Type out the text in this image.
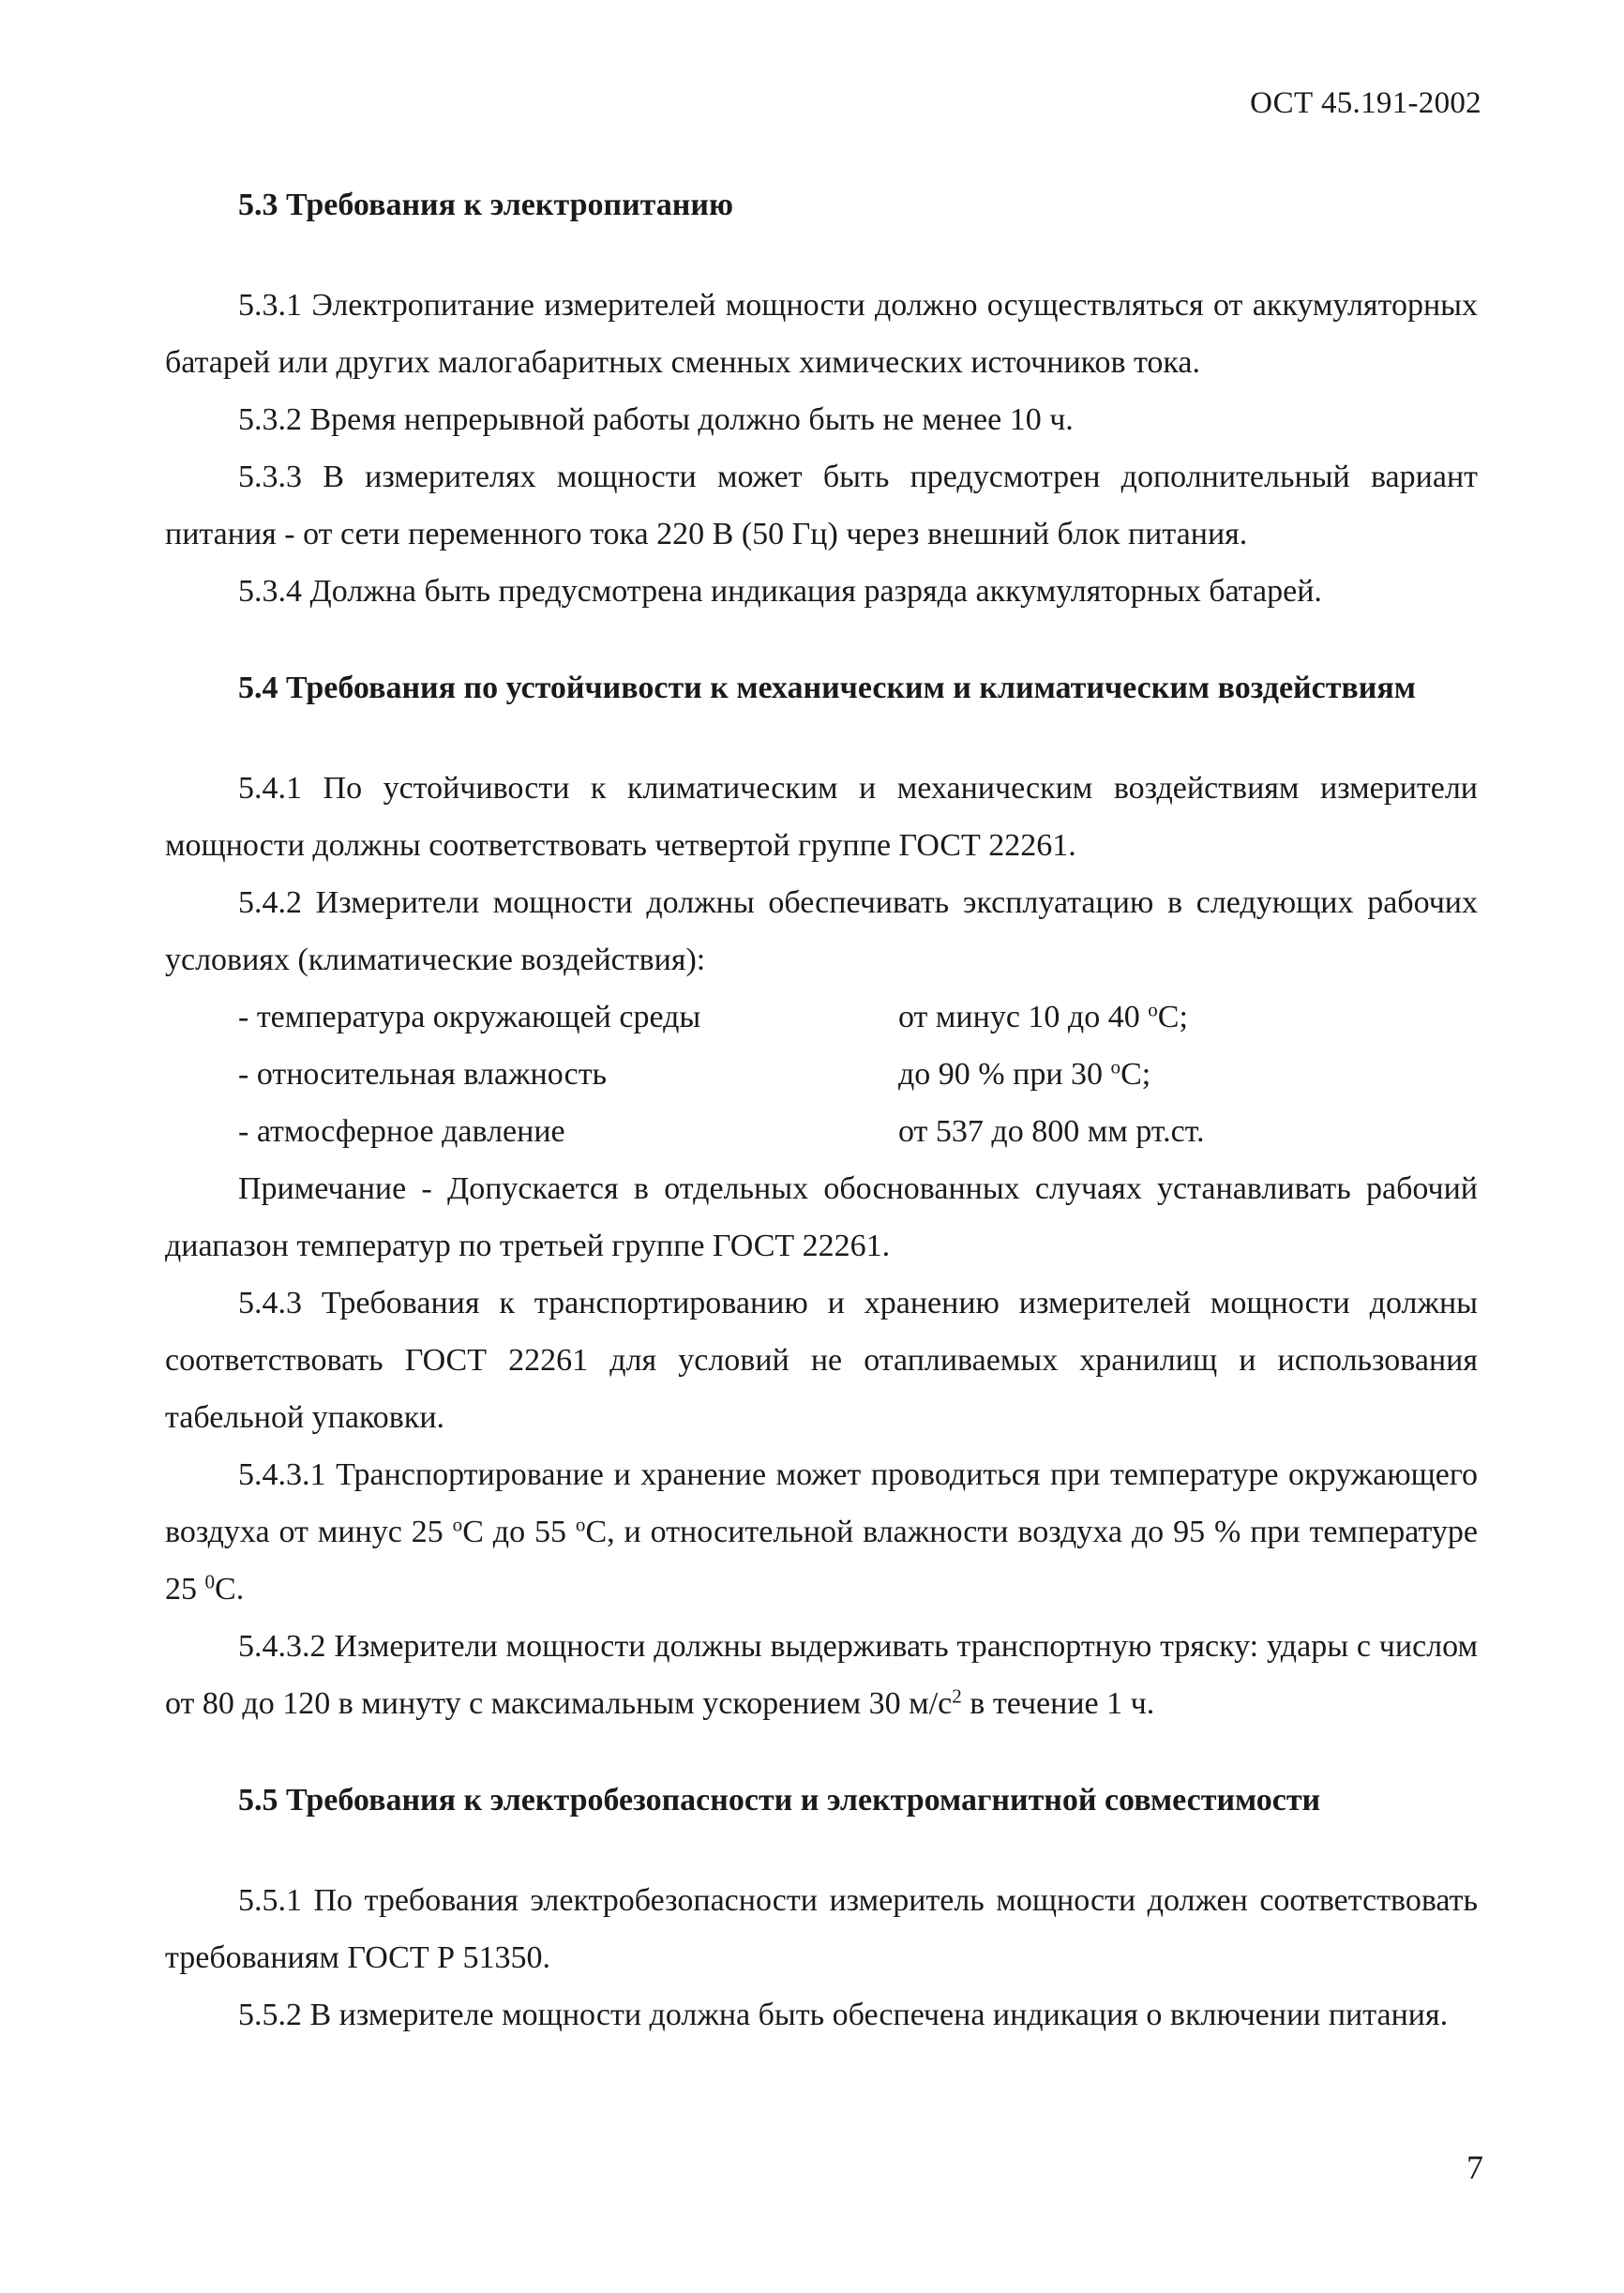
ОСТ 45.191-2002
5.3 Требования к электропитанию

5.3.1 Электропитание измерителей мощности должно осуществляться от аккумуляторных батарей или других малогабаритных сменных химических источников тока.

5.3.2 Время непрерывной работы должно быть не менее 10 ч.

5.3.3 В измерителях мощности может быть предусмотрен дополнительный вариант питания - от сети переменного тока 220 В (50 Гц) через внешний блок питания.

5.3.4 Должна быть предусмотрена индикация разряда аккумуляторных батарей.

5.4 Требования по устойчивости к механическим и климатическим воздействиям

5.4.1 По устойчивости к климатическим и механическим воздействиям измерители мощности должны соответствовать четвертой группе ГОСТ 22261.

5.4.2 Измерители мощности должны обеспечивать эксплуатацию в следующих рабочих условиях (климатические воздействия):

- температура окружающей среды	от минус 10 до 40 $^o$С;
- относительная влажность	до 90 % при 30 $^o$С;
- атмосферное давление	от 537 до 800 мм рт.ст.

Примечание - Допускается в отдельных обоснованных случаях устанавливать рабочий диапазон температур по третьей группе ГОСТ 22261.

5.4.3 Требования к транспортированию и хранению измерителей мощности должны соответствовать ГОСТ 22261 для условий не отапливаемых хранилищ и использования табельной упаковки.

5.4.3.1 Транспортирование и хранение может проводиться при температуре окружающего воздуха от минус 25 $^o$С до 55 $^o$С, и относительной влажности воздуха до 95 % при температуре 25 $^0$С.

5.4.3.2 Измерители мощности должны выдерживать транспортную тряску: удары с числом от 80 до 120 в минуту с максимальным ускорением 30 $м/с^2$ в течение 1 ч.

5.5 Требования к электробезопасности и электромагнитной совместимости

5.5.1 По требования электробезопасности измеритель мощности должен соответствовать требованиям ГОСТ Р 51350.

5.5.2 В измерителе мощности должна быть обеспечена индикация о включении питания.

7
